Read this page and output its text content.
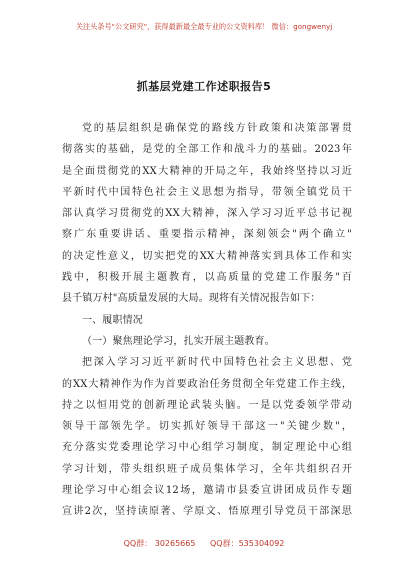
关注头条号"公文研究"，获得最新最全最专业的公文资料库！ 微信：gongwenyj
抓基层党建工作述职报告5
党的基层组织是确保党的路线方针政策和决策部署贯
彻落实的基础，是党的全部工作和战斗力的基础。2023年
是全面贯彻党的XX大精神的开局之年，我始终坚持以习近
平新时代中国特色社会主义思想为指导，带领全镇党员干
部认真学习贯彻党的XX大精神，深入学习习近平总书记视
察广东重要讲话、重要指示精神，深刻领会"两个确立"
的决定性意义，切实把党的XX大精神落实到具体工作和实
践中，积极开展主题教育，以高质量的党建工作服务"百
县千镇万村"高质量发展的大局。现将有关情况报告如下：
一、履职情况
（一）聚焦理论学习，扎实开展主题教育。
把深入学习习近平新时代中国特色社会主义思想、党
的XX大精神作为作为首要政治任务贯彻全年党建工作主线，
持之以恒用党的创新理论武装头脑。一是以党委领学带动
领导干部领先学。切实抓好领导干部这一"关键少数"，
充分落实党委理论学习中心组学习制度，制定理论中心组
学习计划，带头组织班子成员集体学习，全年共组织召开
理论学习中心组会议12场，邀请市县委宣讲团成员作专题
宣讲2次，坚持读原著、学原文、悟原理引导党员干部深思
QQ群： 30265665 QQ群：535304092
